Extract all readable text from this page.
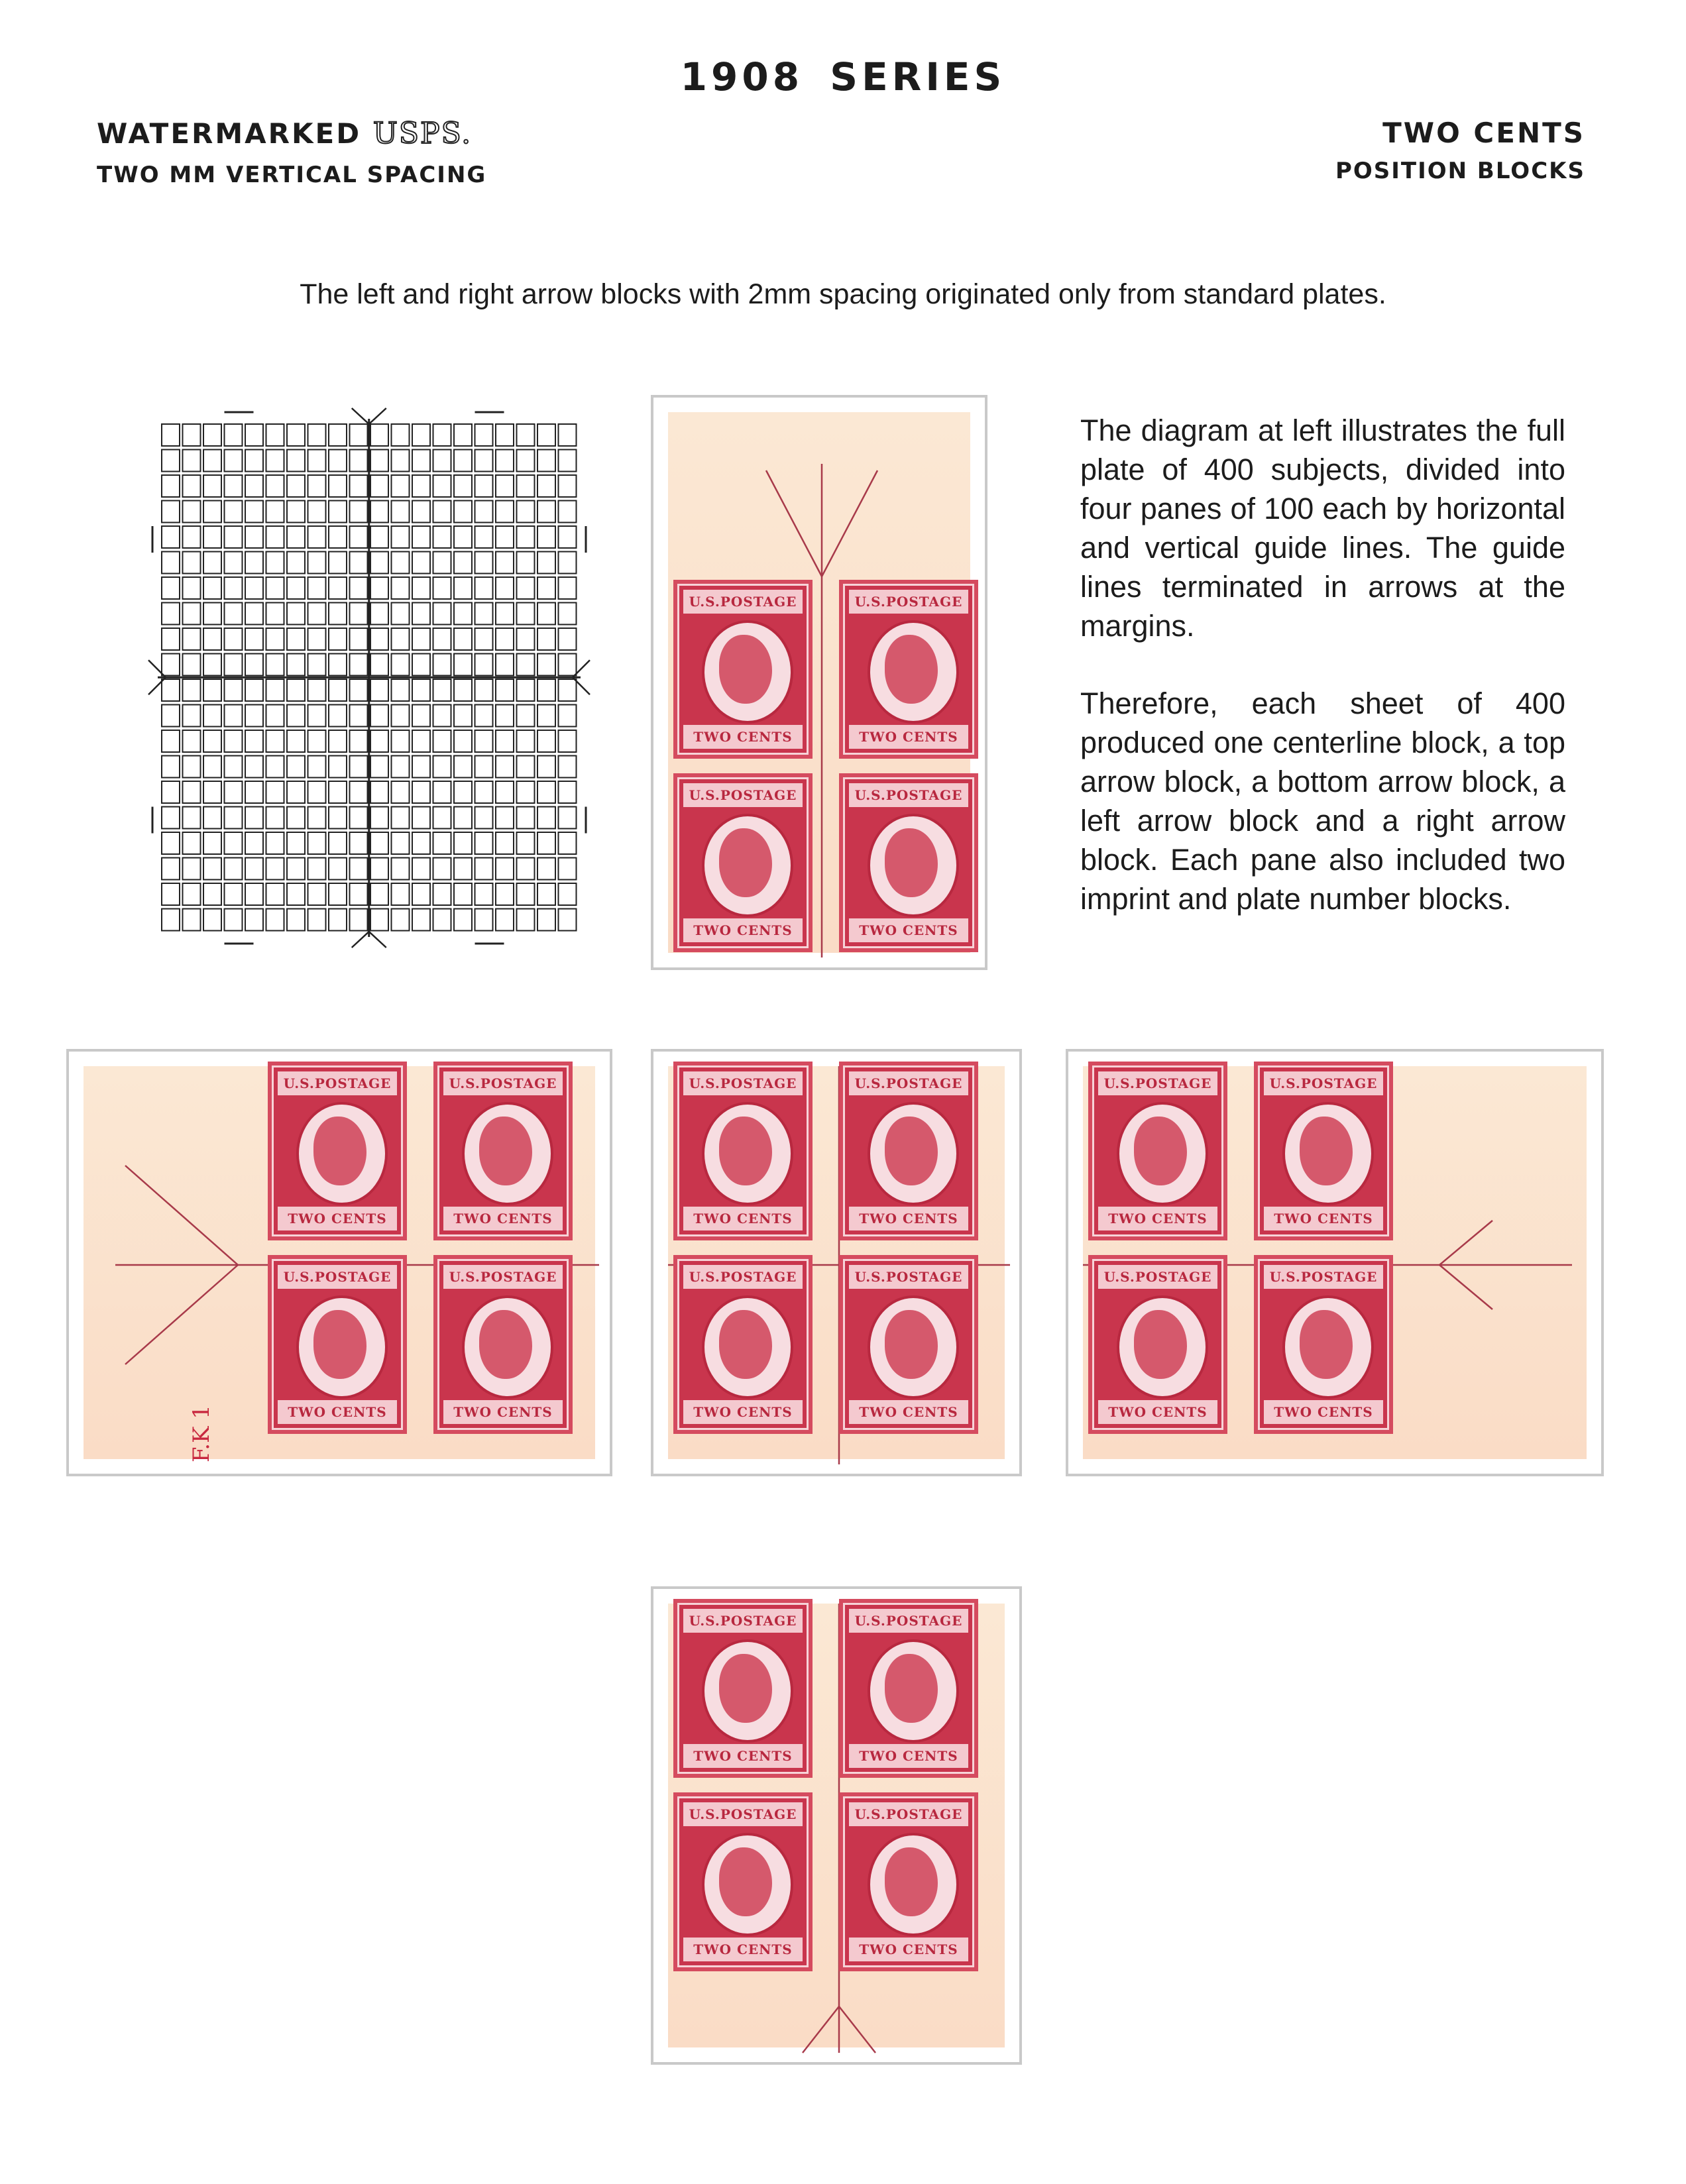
1908 SERIES
WATERMARKED USPS.
TWO MM VERTICAL SPACING
TWO CENTS
POSITION BLOCKS
The left and right arrow blocks with 2mm spacing originated only from standard plates.

The diagram at left illustrates the full plate of 400 subjects, divided into four panes of 100 each by horizontal and vertical guide lines. The guide lines terminated in arrows at the margins.

Therefore, each sheet of 400 produced one centerline block, a top arrow block, a bottom arrow block, a left arrow block and a right arrow block. Each pane also included two imprint and plate number blocks.

U.S.POSTAGE
TWO CENTS
U.S.POSTAGE
TWO CENTS
U.S.POSTAGE
TWO CENTS
U.S.POSTAGE
TWO CENTS
F.K 1
U.S.POSTAGE
TWO CENTS
U.S.POSTAGE
TWO CENTS
U.S.POSTAGE
TWO CENTS
U.S.POSTAGE
TWO CENTS
U.S.POSTAGE
TWO CENTS
U.S.POSTAGE
TWO CENTS
U.S.POSTAGE
TWO CENTS
U.S.POSTAGE
TWO CENTS
U.S.POSTAGE
TWO CENTS
U.S.POSTAGE
TWO CENTS
U.S.POSTAGE
TWO CENTS
U.S.POSTAGE
TWO CENTS
U.S.POSTAGE
TWO CENTS
U.S.POSTAGE
TWO CENTS
U.S.POSTAGE
TWO CENTS
U.S.POSTAGE
TWO CENTS
